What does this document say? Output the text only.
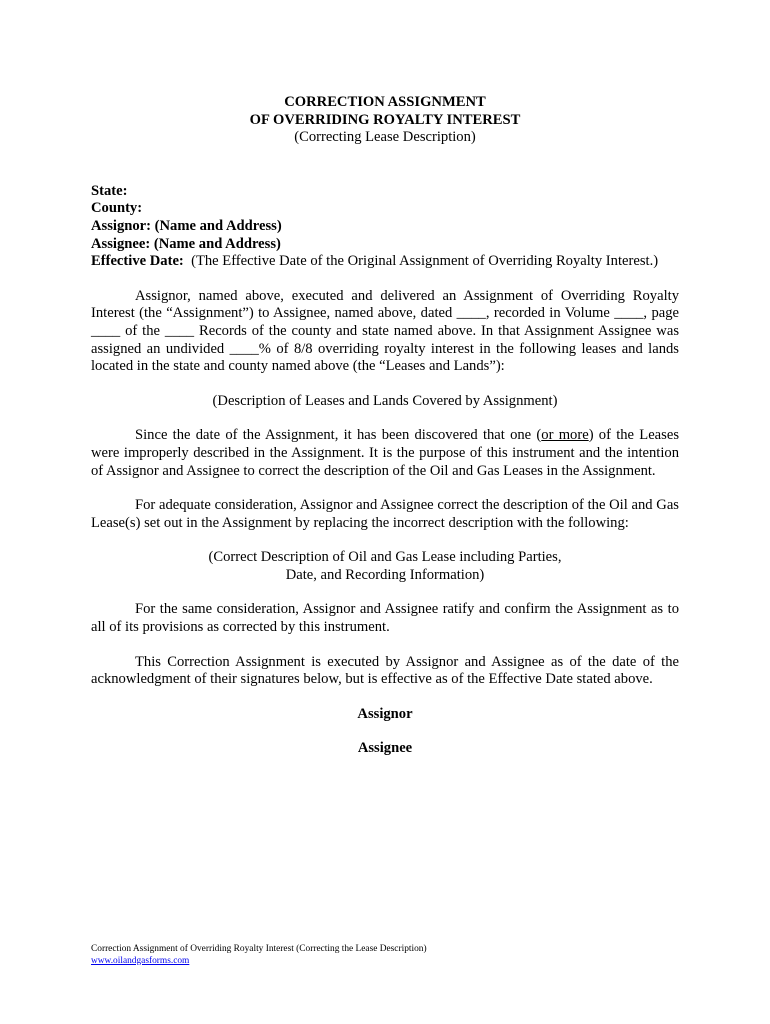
CORRECTION ASSIGNMENT
OF OVERRIDING ROYALTY INTEREST
(Correcting Lease Description)
State:
County:
Assignor: (Name and Address)
Assignee: (Name and Address)
Effective Date: (The Effective Date of the Original Assignment of Overriding Royalty Interest.)

Assignor, named above, executed and delivered an Assignment of Overriding Royalty Interest (the “Assignment”) to Assignee, named above, dated ____, recorded in Volume ____, page ____ of the ____ Records of the county and state named above. In that Assignment Assignee was assigned an undivided ____% of 8/8 overriding royalty interest in the following leases and lands located in the state and county named above (the “Leases and Lands”):

(Description of Leases and Lands Covered by Assignment)

Since the date of the Assignment, it has been discovered that one (or more) of the Leases were improperly described in the Assignment. It is the purpose of this instrument and the intention of Assignor and Assignee to correct the description of the Oil and Gas Leases in the Assignment.

For adequate consideration, Assignor and Assignee correct the description of the Oil and Gas Lease(s) set out in the Assignment by replacing the incorrect description with the following:

(Correct Description of Oil and Gas Lease including Parties,
Date, and Recording Information)

For the same consideration, Assignor and Assignee ratify and confirm the Assignment as to all of its provisions as corrected by this instrument.

This Correction Assignment is executed by Assignor and Assignee as of the date of the acknowledgment of their signatures below, but is effective as of the Effective Date stated above.

Assignor
Assignee
Correction Assignment of Overriding Royalty Interest (Correcting the Lease Description)
www.oilandgasforms.com
